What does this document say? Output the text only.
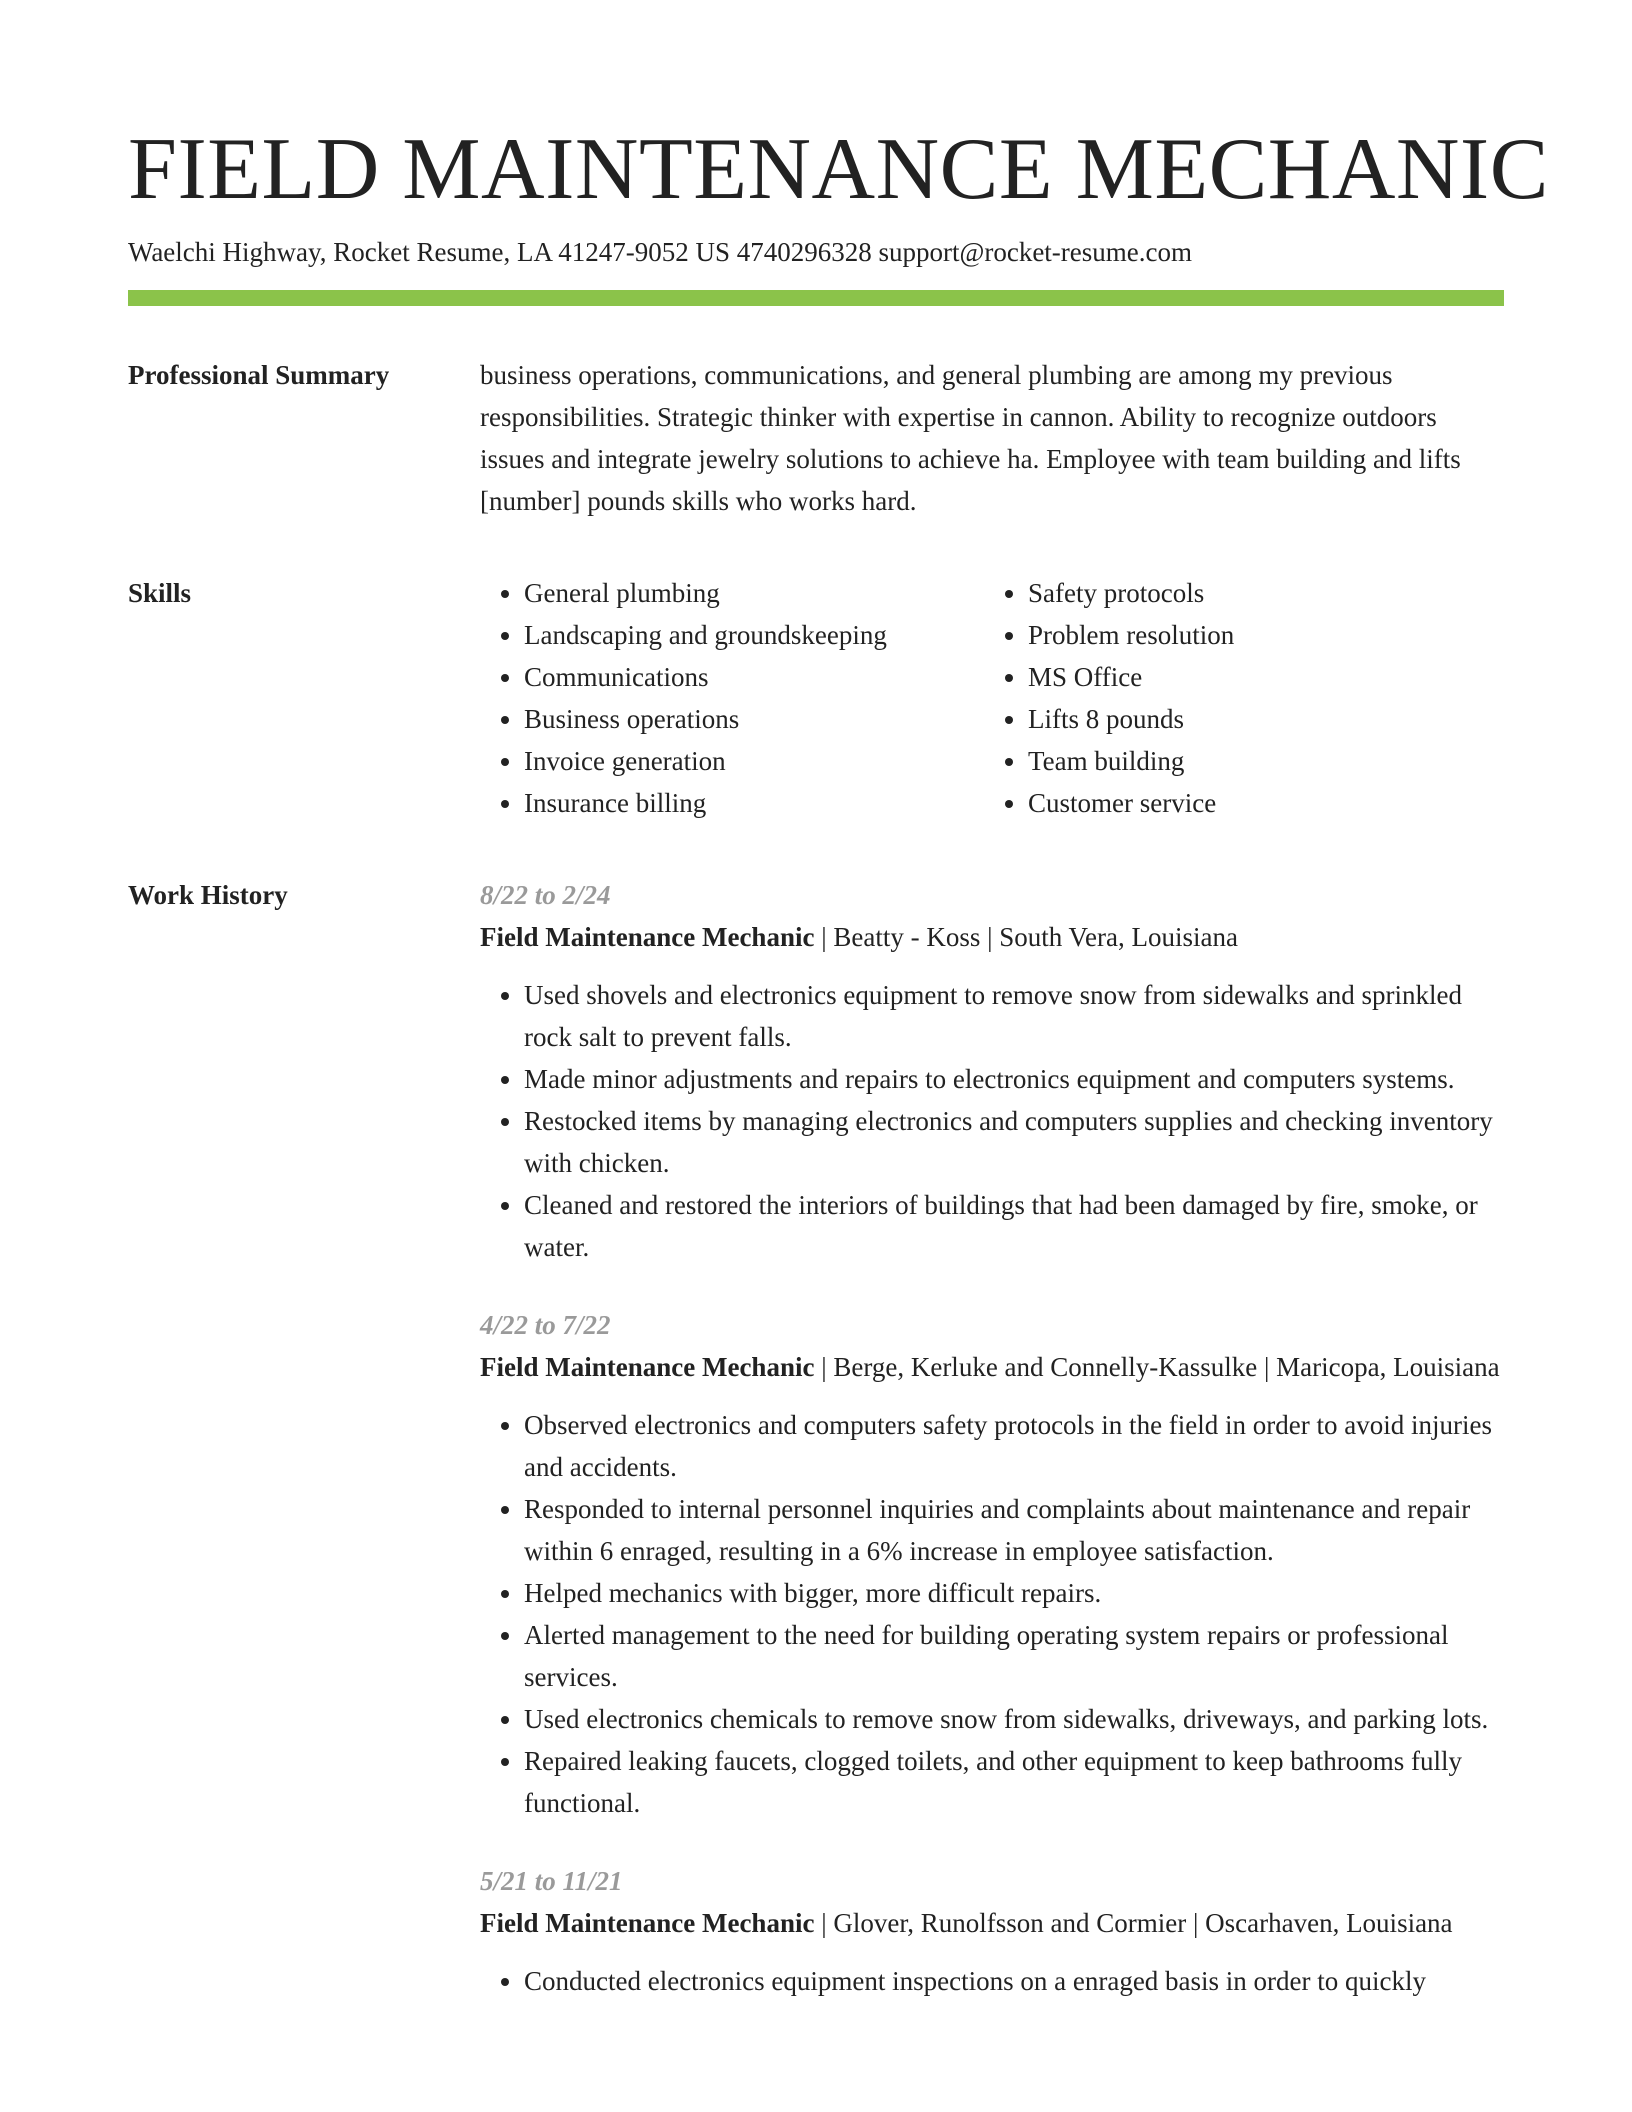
FIELD MAINTENANCE MECHANIC
Waelchi Highway, Rocket Resume, LA 41247-9052 US 4740296328 support@rocket-resume.com
Professional Summary	business operations, communications, and general plumbing are among my previous responsibilities. Strategic thinker with expertise in cannon. Ability to recognize outdoors issues and integrate jewelry solutions to achieve ha. Employee with team building and lifts [number] pounds skills who works hard.

Skills
•	General plumbing
• Landscaping and groundskeeping
• Communications
• Business operations
• Invoice generation
• Insurance billing
• Safety protocols
• Problem resolution
• MS Office
• Lifts 8 pounds
• Team building
• Customer service
Work History	8/22 to 2/24
Field Maintenance Mechanic | Beatty - Koss | South Vera, Louisiana
• Used shovels and electronics equipment to remove snow from sidewalks and sprinkled rock salt to prevent falls.
• Made minor adjustments and repairs to electronics equipment and computers systems.
• Restocked items by managing electronics and computers supplies and checking inventory with chicken.
• Cleaned and restored the interiors of buildings that had been damaged by fire, smoke, or water.
4/22 to 7/22
Field Maintenance Mechanic | Berge, Kerluke and Connelly-Kassulke | Maricopa, Louisiana
• Observed electronics and computers safety protocols in the field in order to avoid injuries and accidents.
• Responded to internal personnel inquiries and complaints about maintenance and repair within 6 enraged, resulting in a 6% increase in employee satisfaction.
• Helped mechanics with bigger, more difficult repairs.
• Alerted management to the need for building operating system repairs or professional services.
• Used electronics chemicals to remove snow from sidewalks, driveways, and parking lots.
• Repaired leaking faucets, clogged toilets, and other equipment to keep bathrooms fully functional.
5/21 to 11/21
Field Maintenance Mechanic | Glover, Runolfsson and Cormier | Oscarhaven, Louisiana
• Conducted electronics equipment inspections on a enraged basis in order to quickly
